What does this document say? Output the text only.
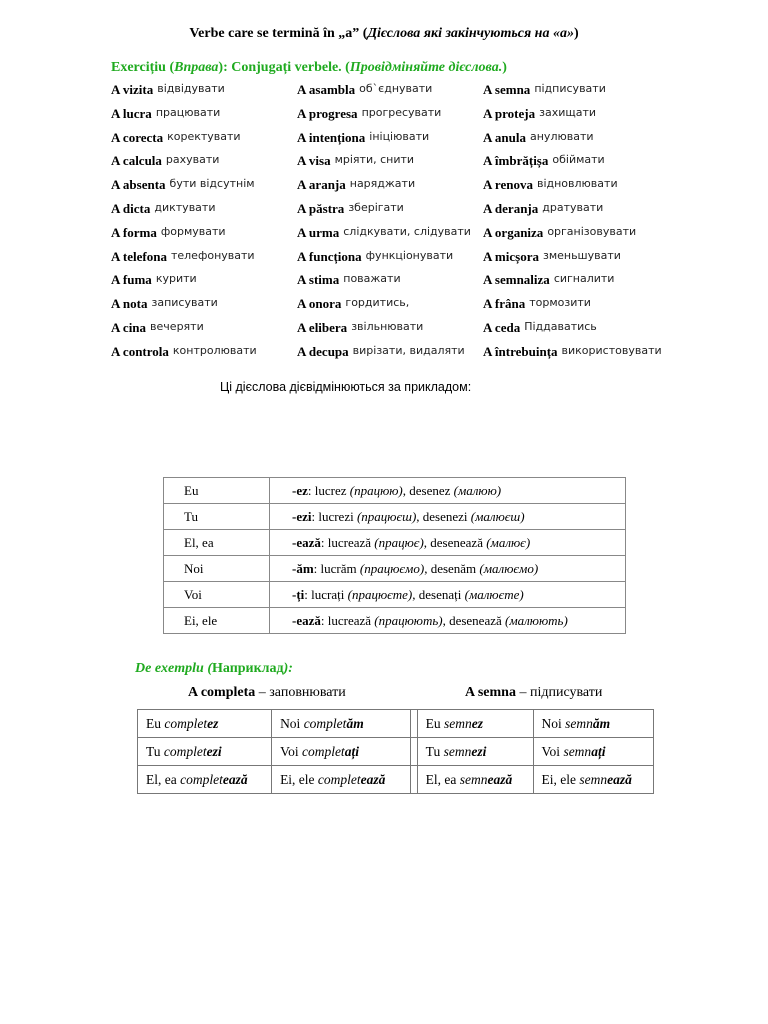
Verbe care se termină în „a” (Дієслова які закінчуються на «а»)
Exercițiu (Вправа): Conjugați verbele. (Провідміняйте дієслова.)
A vizita відвідувати	A asambla об`єднувати	A semna підписувати
A lucra працювати	A progresa прогресувати	A proteja захищати
A corecta коректувати	A intenționa ініціювати	A anula анулювати
A calcula рахувати	A visa мріяти, снити	A îmbrățișa обіймати
A absenta бути відсутнім	A aranja наряджати	A renova відновлювати
A dicta диктувати	A păstra зберігати	A deranja дратувати
A forma формувати	A urma слідкувати, слідувати A organiza організовувати
A telefona телефонувати	A funcționa функціонувати A micșora зменьшувати
A fuma курити	A stima поважати	A semnaliza сигналити
A nota записувати	A onora гордитись,	A frâna тормозити
A cina вечеряти	A elibera звільнювати	A ceda Піддаватись
A controla контролювати	A decupa вирізати, видаляти A întrebuința використовувати
Ці дієслова дієвідмінюються за прикладом:
Eu	-ez: lucrez (працюю), desenez (малюю)
Tu	-ezi: lucrezi (працюєш), desenezi (малюєш)
El, ea	-ează: lucrează (працює), desenează (малює)
Noi	-ăm: lucrăm (працюємо), desenăm (малюємо)
Voi	-ți: lucrați (працюєте), desenați (малюєте)
Ei, ele	-ează: lucrează (працюють), desenează (малюють)
De exemplu (Наприклад):
A completa – заповнювати	A semna – підписувати
Eu completez	Noi completăm		Eu semnez	Noi semnăm
Tu completezi	Voi completați		Tu semnezi	Voi semnați
El, ea completează	Ei, ele completează		El, ea semnează	Ei, ele semnează
